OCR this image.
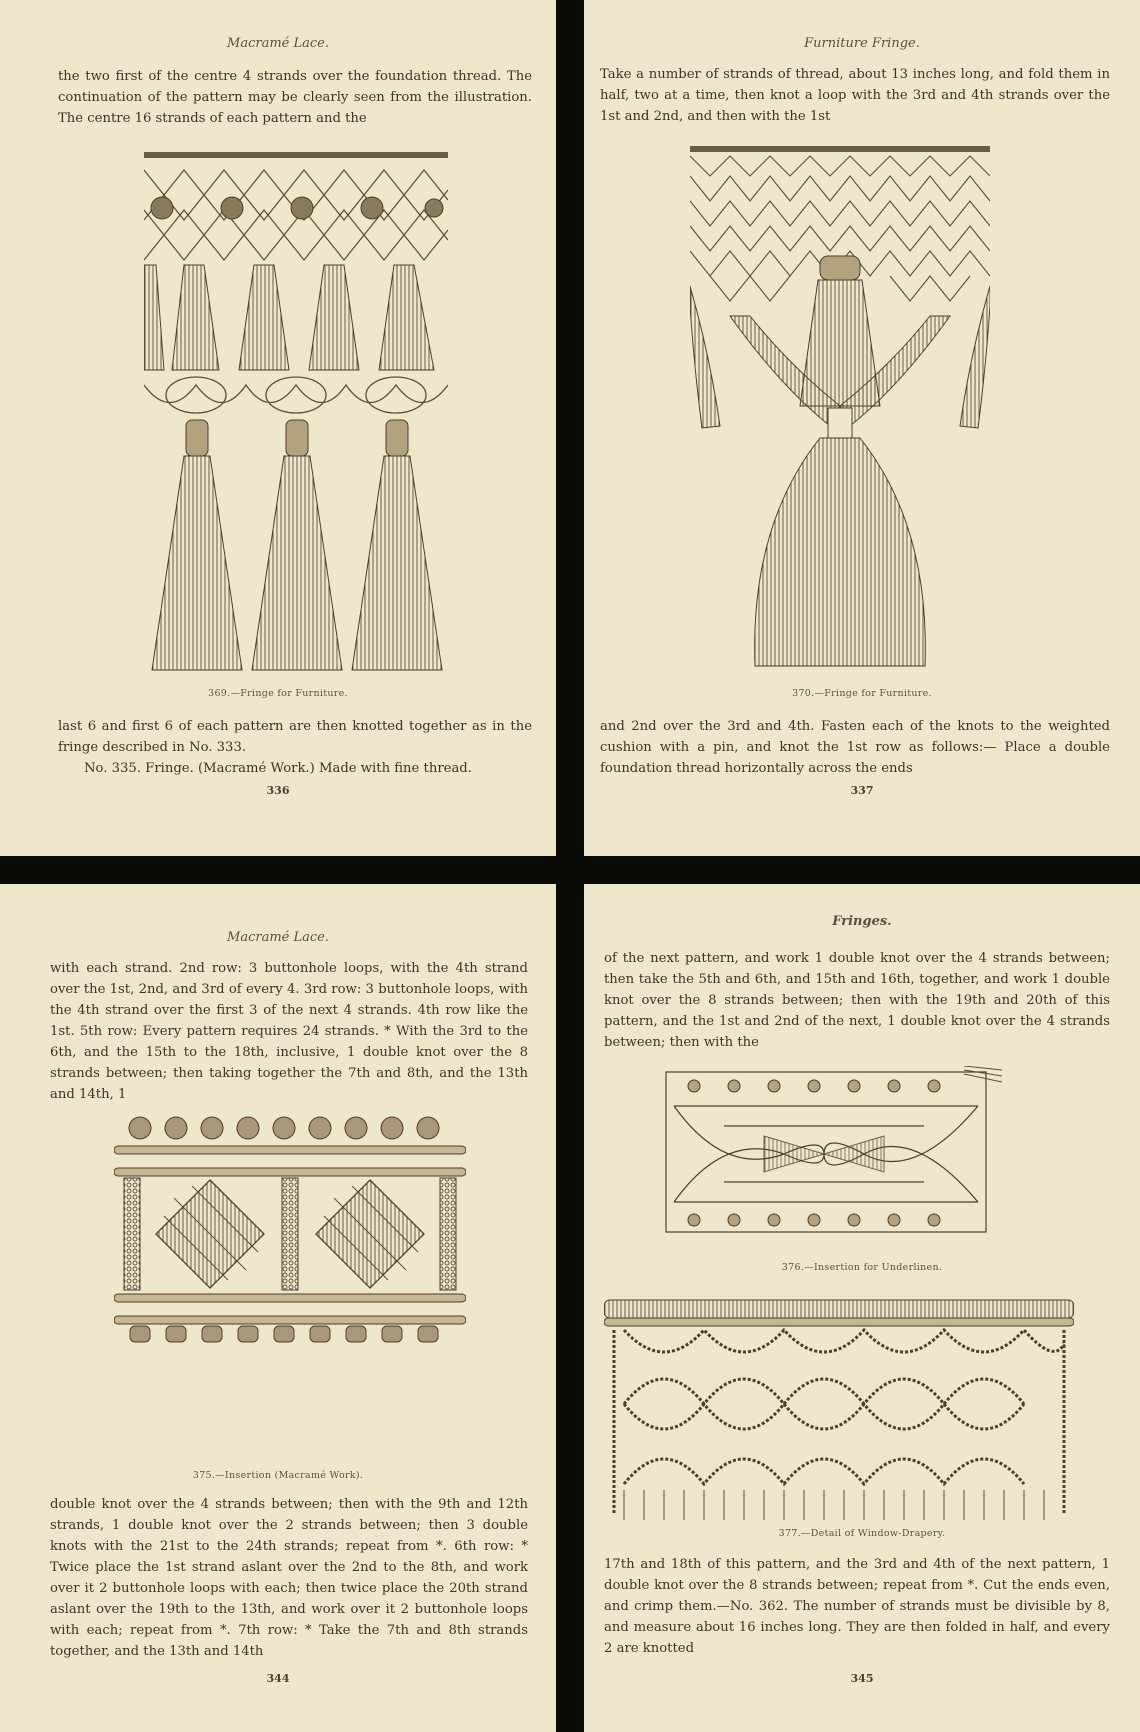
Macramé Lace.

the two first of the centre 4 strands over the foundation thread. The continuation of the pattern may be clearly seen from the illustration. The centre 16 strands of each pattern and the

369.—Fringe for Furniture.

last 6 and first 6 of each pattern are then knotted together as in the fringe described in No. 333.

No. 335. Fringe. (Macramé Work.) Made with fine thread.

336
Furniture Fringe.

Take a number of strands of thread, about 13 inches long, and fold them in half, two at a time, then knot a loop with the 3rd and 4th strands over the 1st and 2nd, and then with the 1st

370.—Fringe for Furniture.

and 2nd over the 3rd and 4th. Fasten each of the knots to the weighted cushion with a pin, and knot the 1st row as follows:— Place a double foundation thread horizontally across the ends

337
Macramé Lace.

with each strand. 2nd row: 3 buttonhole loops, with the 4th strand over the 1st, 2nd, and 3rd of every 4. 3rd row: 3 buttonhole loops, with the 4th strand over the first 3 of the next 4 strands. 4th row like the 1st. 5th row: Every pattern requires 24 strands. * With the 3rd to the 6th, and the 15th to the 18th, inclusive, 1 double knot over the 8 strands between; then taking together the 7th and 8th, and the 13th and 14th, 1

375.—Insertion (Macramé Work).

double knot over the 4 strands between; then with the 9th and 12th strands, 1 double knot over the 2 strands between; then 3 double knots with the 21st to the 24th strands; repeat from *. 6th row: * Twice place the 1st strand aslant over the 2nd to the 8th, and work over it 2 buttonhole loops with each; then twice place the 20th strand aslant over the 19th to the 13th, and work over it 2 buttonhole loops with each; repeat from *. 7th row: * Take the 7th and 8th strands together, and the 13th and 14th

344
Fringes.

of the next pattern, and work 1 double knot over the 4 strands between; then take the 5th and 6th, and 15th and 16th, together, and work 1 double knot over the 8 strands between; then with the 19th and 20th of this pattern, and the 1st and 2nd of the next, 1 double knot over the 4 strands between; then with the

376.—Insertion for Underlinen.
377.—Detail of Window-Drapery.

17th and 18th of this pattern, and the 3rd and 4th of the next pattern, 1 double knot over the 8 strands between; repeat from *. Cut the ends even, and crimp them.—No. 362. The number of strands must be divisible by 8, and measure about 16 inches long. They are then folded in half, and every 2 are knotted

345
